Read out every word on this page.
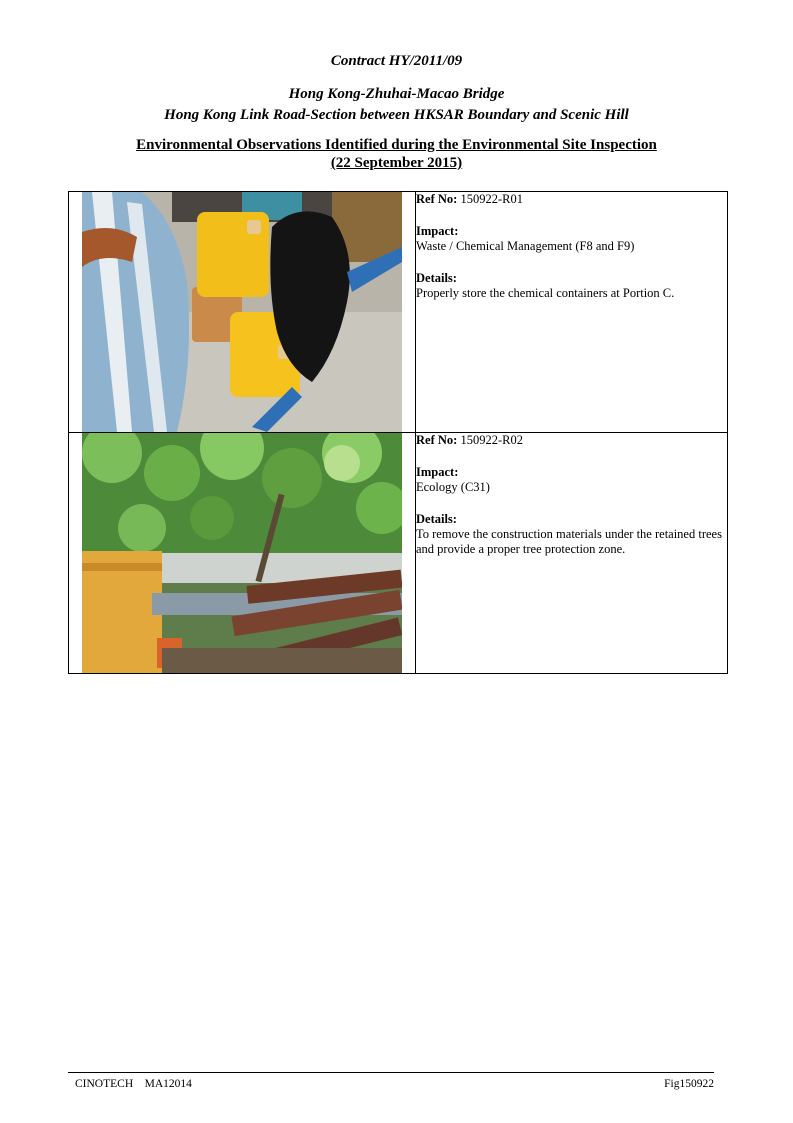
Contract HY/2011/09

Hong Kong-Zhuhai-Macao Bridge

Hong Kong Link Road-Section between HKSAR Boundary and Scenic Hill

Environmental Observations Identified during the Environmental Site Inspection

(22 September 2015)

Ref No: 150922-R01

Impact:
Waste / Chemical Management (F8 and F9)

Details:
Properly store the chemical containers at Portion C.

Ref No: 150922-R02

Impact:
Ecology (C31)

Details:
To remove the construction materials under the retained trees and provide a proper tree protection zone.

CINOTECH MA12014	Fig150922
